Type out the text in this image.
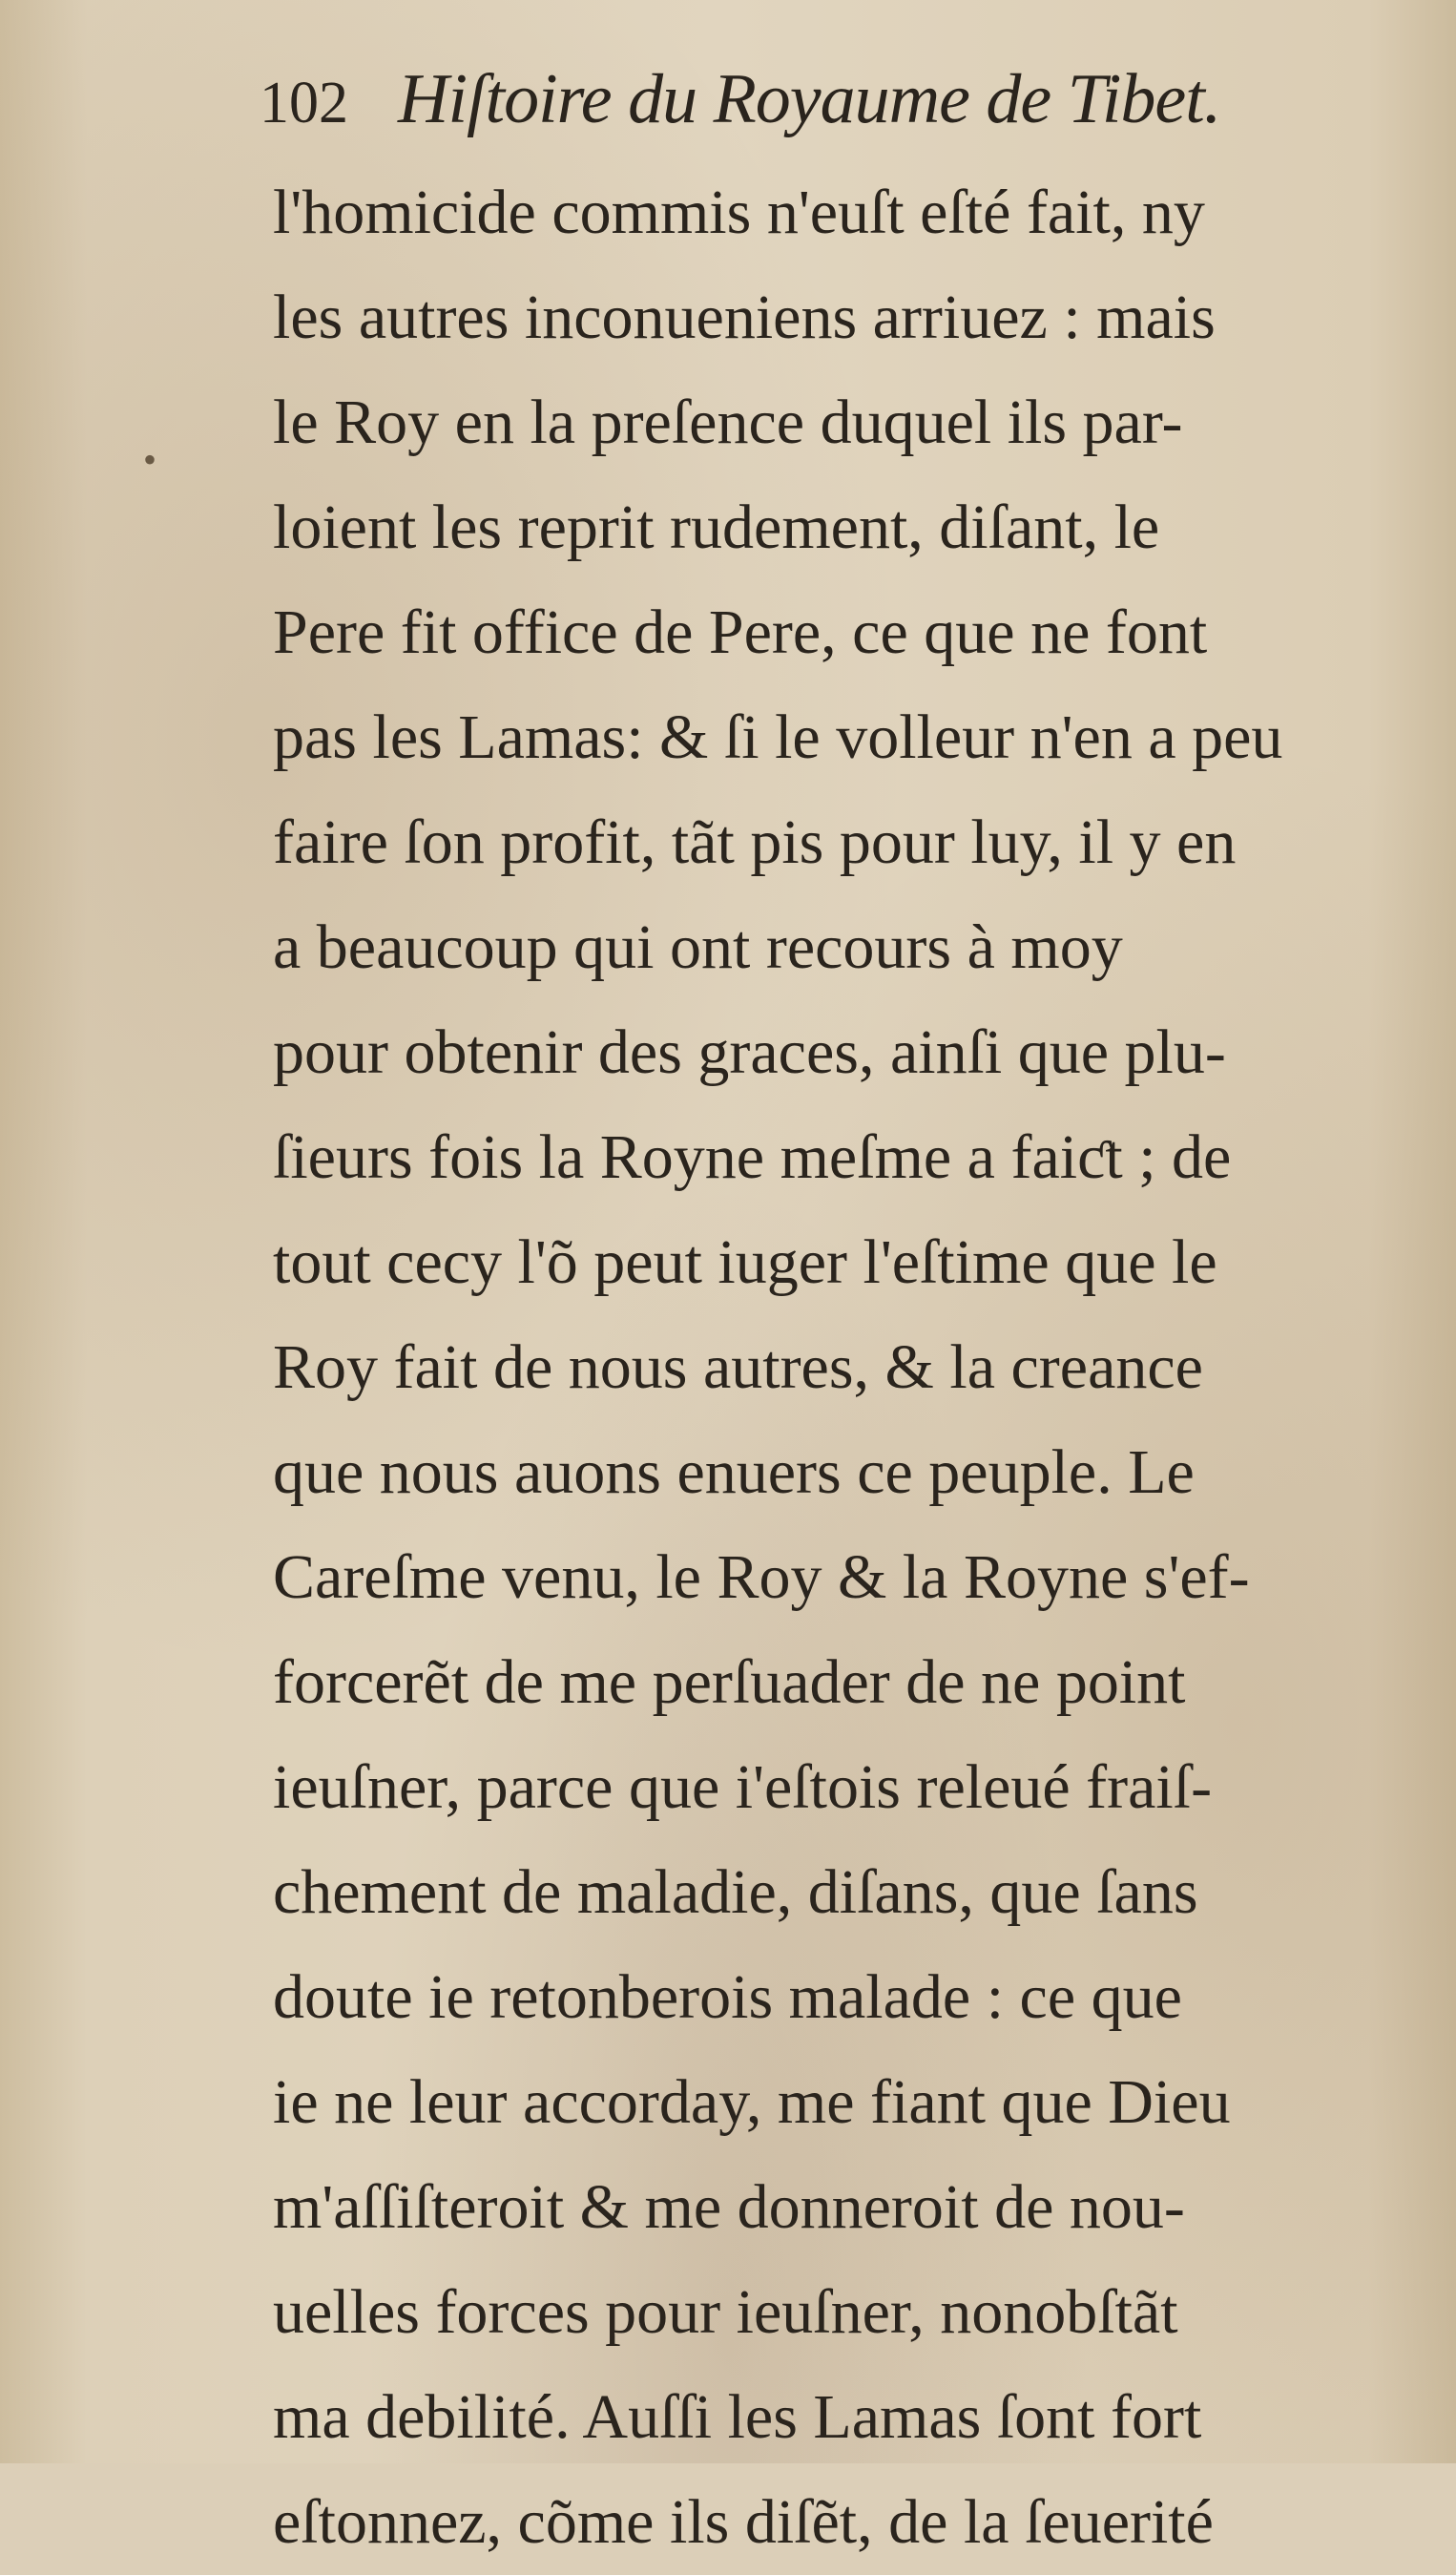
•
102 Hiſtoire du Royaume de Tibet.
l'homicide commis n'euſt eſté fait, ny
les autres inconueniens arriuez : mais
le Roy en la preſence duquel ils par-
loient les reprit rudement, diſant, le
Pere fit office de Pere, ce que ne font
pas les Lamas: & ſi le volleur n'en a peu
faire ſon profit, tãt pis pour luy, il y en
a beaucoup qui ont recours à moy
pour obtenir des graces, ainſi que plu-
ſieurs fois la Royne meſme a faiƈt ; de
tout cecy l'õ peut iuger l'eſtime que le
Roy fait de nous autres, & la creance
que nous auons enuers ce peuple. Le
Careſme venu, le Roy & la Royne s'ef-
forcerẽt de me perſuader de ne point
ieuſner, parce que i'eſtois releué fraiſ-
chement de maladie, diſans, que ſans
doute ie retonberois malade : ce que
ie ne leur accorday, me fiant que Dieu
m'aſſiſteroit & me donneroit de nou-
uelles forces pour ieuſner, nonobſtãt
ma debilité. Auſſi les Lamas ſont fort
eſtonnez, cõme ils diſẽt, de la ſeuerité
